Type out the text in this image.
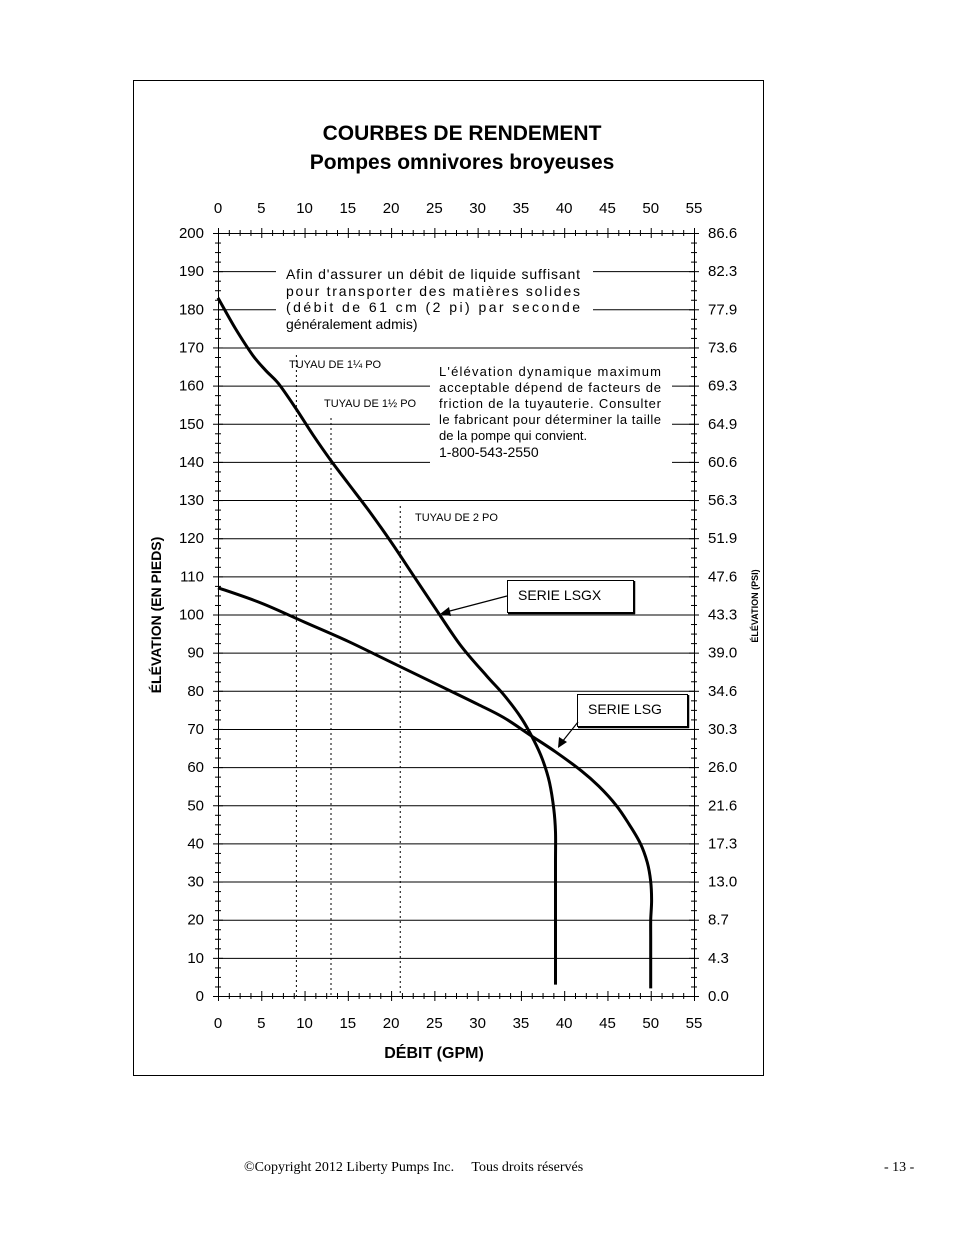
COURBES DE RENDEMENT
Pompes omnivores broyeuses
TUYAU DE 1¼ PO
TUYAU DE 1½ PO
TUYAU DE 2 PO
0
0
5
5
10
10
15
15
20
20
25
25
30
30
35
35
40
40
45
45
50
50
55
55
0	0.0
10	4.3
20	8.7
30	13.0
40	17.3
50	21.6
60	26.0
70	30.3
80	34.6
90	39.0
100	43.3
110	47.6
120	51.9
130	56.3
140	60.6
150	64.9
160	69.3
170	73.6
180	77.9
190	82.3
200	86.6
Afin d'assurer un débit de liquide suffisant
pour transporter des matières solides
(débit de 61 cm (2 pi) par seconde
généralement admis)
L'élévation dynamique maximum
acceptable dépend de facteurs de
friction de la tuyauterie. Consulter
le fabricant pour déterminer la taille
de la pompe qui convient.
1-800-543-2550
SERIE LSGX
SERIE LSG
DÉBIT (GPM)
ÉLÉVATION (EN PIEDS)	ÉLÉVATION (PSI)
©Copyright 2012 Liberty Pumps Inc.     Tous droits réservés	- 13 -
